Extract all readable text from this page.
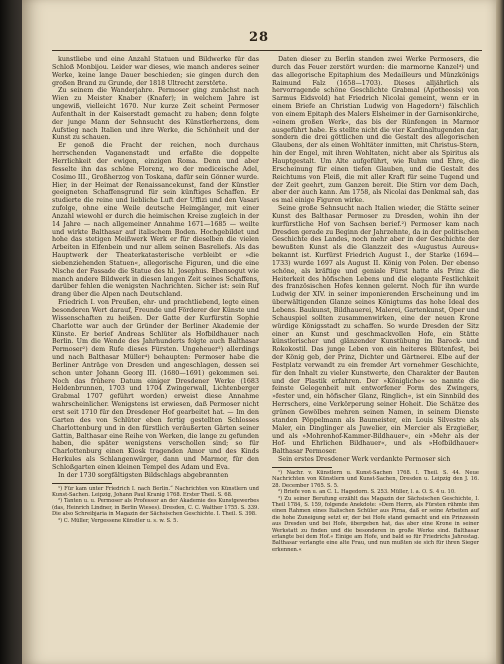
28

kunstliebe und eine Anzahl Statuen und Bildwerke für das Schloß Monbijou. Leider war dieses, wie manch anderes seiner Werke, keine lange Dauer beschieden; sie gingen durch den großen Brand zu Grunde, der 1818 Ultrecht zerstörte.

Zu seinem die Wanderjahre. Permoser ging zunächst nach Wien zu Meister Knaber (Knafer); in welchem Jahre ist ungewiß, vielleicht 1670. Nur kurze Zeit scheint Permoser Aufenthalt in der Kaiserstadt gemacht zu haben; denn folgte der junge Mann der Sehnsucht des Künstlerherzens, dem Aufstieg nach Italien und ihre Werke, die Schönheit und der Kunst zu schauen.

Er genoß die Fracht der reichen, noch durchaus herrschenden Vaganenstadt und erfaßte die doppelte Herrlichkeit der ewigen, einzigen Roma. Denn und aber fesselte ihn das schöne Florenz, wo der mediceische Adel, Cosimo III., Großherzog von Toskana, dafür sein Gönner wurde. Hier, in der Heimat der Renaissancekunst, fand der Künstler geeigneten Schaffensgrund für sein künftiges Schaffen. Er studierte die reine und liebliche Luft der Uffizi und den Vasari zufolge, ohne eine Weile deutsche Heimgänger, mit einer Anzahl wiewohl er durch die heimischen Kreise zugleich in der 14 Jahre — nach allgemeiner Annahme 1671—1685 — weilte und wirkte Balthasar auf italischem Boden. Hochgebildet und hohe das stetigen Meißwerk Werk er für dieselben die vielen Arbeiten in Elfenbein und nur allem seinen Basreliefs. Als das Hauptwerk der Theaterkatasterische verbleibt er »die siebenziehenden Statuen«, allegorische Figuren, und die eine Nische der Fassade die Statue des hl. Josephus. Ebensogut wie manch andere Bildwerk in diesen langen Zeit seines Schaffens, darüber fehlen die wenigsten Nachrichten. Sicher ist: sein Ruf drang über die Alpen nach Deutschland.

Friedrich I. von Preußen, ehr- und prachtliebend, legte einen besonderen Wert darauf, Freunde und Förderer der Künste und Wissenschaften zu heißen. Der Gatte der Kurfürstin Sophie Charlotte war auch der Gründer der Berliner Akademie der Künste. Er berief Andreas Schlüter als Hofbildhauer nach Berlin. Um die Wende des Jahrhunderts folgte auch Balthasar Permoser²) dem Rufe dieses Fürsten. Ungeheuer³) allerdings und nach Balthasar Müller⁴) behaupten: Permoser habe die Berliner Anträge von Dresden und angeschlagen, dessen sei schon unter Johann Georg III. (1680—1691) gekommen sei. Noch das frühere Datum einiger Dresdener Werke (1683 Heldenbrunnen, 1703 und 1704 Zwingerwall, Lichtenberger Grabmal 1707 geführt worden) erweist diese Annahme wahrscheinlicher. Wenigstens ist erwiesen, daß Permoser nicht erst seit 1710 für den Dresdener Hof gearbeitet hat. — Im den Garten des von Schlüter eben fertig gestellten Schlosses Charlottenburg und in den fürstlich veräußerten Gärten seiner Gattin, Balthasar eine Reihe von Werken, die lange zu gefunden haben, die später wenigstens verschollen sind; so für Charlottenburg einen Kiosk tragenden Amor und des Kinds Herkules als Schlangenwürger, dann und Marmor, für den Schloßgarten einen kleinen Tempel des Adam und Eva.

In der 1730 sorgfältigsten Bildschlags abgebrannten

¹) Für kam unter Friedrich I. nach Berlin.“ Nachrichten von Künstlern und Kunst-Sachen. Leipzig, Johann Paul Kranig 1768. Erster Theil. S. 68.

²) Tanten u. u. Permoser als Professor an der Akademie des Kunstgewerbes (das, Heinrich Lindner, in Berlin Wieses). Dresden, C. C. Walther 1755. S. 339. Die also Schreibjaria in Magazin der Sächsischen Geschichte. I. Theil. S. 398.

³) C. Müller, Vergessene Künstler u. s. w. S. 5.

Daten dieser zu Berlin standen zwei Werke Permosers, die durch das Feuer zerstört wurden: die marmorne Kanzel⁴) und das allegorische Epitaphium des Medailleurs und Münzkönigs Raimund Falz (1658—1703). Dieses alljährlich als hervorragende schöne Geschlichte Grabmal (Apotheosis) von Sarmus Eidsvold) hat Friedrich Nicolai gemeint, wenn er in einem Briefe an Christian Ludwig von Hagedorn¹) fälschlich von einem Epitaph des Malers Elsheimer in der Garnisonkirche, »einem großen Werk«, das bis der Rünfengen in Marmor ausgeführt habe. Es stellte nicht die vier Kardinaltugenden dar, sondern die drei göttlichen und die Gestalt des allegorischen Glaubens, der als einen Wohltäter inmitten, mit Christus-Stern, hin der Engel, mit ihren Wohltaten, nicht aber als Spiritus als Hauptgestalt. Um Alte aufgeführt, wie Ruhm und Ehre, die Erscheinung für einen tiefen Glauben, und die Gestalt des Reichtums von Fleiß, die mit aller Kraft für seine Tugend und der Zeit geehrt, zum Ganzen bereit. Die Stirn vor dem Dach, aber der auch kann. Am 1758, als Nicolai das Denkmal sah, das es mal einige Figuren wirke.

Seine große Sehnsucht nach Italien wieder, die Stätte seiner Kunst des Balthasar Permoser zu Dresden, wohin ihn der kurfürstliche Hof von Sachsen berief.²) Permoser kam nach Dresden gerade zu Beginn der Jahrzehnte, da in der politischen Geschichte des Landes, noch mehr aber in der Geschichte der bewußten Kunst als die Glanzzeit des »Augustus Aureus« bekannt ist. Kurfürst Friedrich August I., der Starke (1694—1733) wurde 1697 als August II. König von Polen. Der ebenso schöne, als kräftige und geniale Fürst hatte als Prinz die Heiterkeit des höfischen Lebens und die elegante Festlichkeit des französischen Hofes kennen gelernt. Noch für ihn wurde Ludwig der XIV. in seiner imponierenden Erscheinung und im überwältigenden Glanze seines Königtums das hohe Ideal des Lebens. Baukunst, Bildhauerei, Malerei, Gartenkunst, Oper und Schauspiel sollten zusammenwirken, eine der neuen Krone würdige Königsstadt zu schaffen. So wurde Dresden der Sitz einer an Kunst und geschmackvollen Hofe, ein Stätte künstlerischer und glänzender Kunstübung im Barock- und Rokokostil. Das junge Leben von ein heiteres Blütenfest, bei der König geb, der Prinz, Dichter und Gärtnerei. Elbe auf der Festplatz verwandt zu ein fremder Art vornehmer Geschichte, für den Inhalt zu vieler Kunstwerte, den Charakter der Bauten und der Plastik erfahren. Der »Königliche« so nannte die feinste Gelegenheit mit entworfener Form des Zwingers, »fester und, ein höfischer Glanz, Ringlich«, ist ein Sinnbild des Herrschers, eine Verkörperung seiner Hoheit. Die Schätze des grünen Gewölbes mehren seinen Namen, in seinem Dienste standen Pöppelmann als Baumeister, ein Louis Silvestre als Maler, ein Dinglinger als Juwelier, ein Mercier als Erzgießer, und als »Mohrenhof-Kammer-Bildhauer«, ein »Mehr als der Hof- und Ehrlichen Bildhauer«, und als »Hofbildhauer« Balthasar Permoser.

Sein erstes Dresdener Werk verdankte Permoser sich

¹) Nachr. v. Künstlern u. Kunst-Sachen 1768. I. Theil. S. 44. Neue Nachrichten von Künstlern und Kunst-Sachen, Dresden u. Leipzig den J. 16. 28. December 1765. S. 5.

²) Briefe von u. an C. L. Hagedorn. S. 253. Müller, l. a. O. S. 4 u. 10.

³) Zu seiner Berufung erzählt das Magazin der Sächsischen Geschichte, I. Theil 1784, S. 159, folgende Anekdote: »Dem Herrn, als Fürsten rühmte ihm einen Rahmen eines Italischen Schüler aus Pirna, daß er seine Arbeiten auf die hohe Zuneigung setzt er, der bei Hofe stand gemacht und ein Prinzessin aus Dresden und bei Hofe, übergeben hat, das aber eine Krone in seiner Werkstatt zu finden und die besonderen in große Werke sind. Balthasar erlangte bei dem Hof.« Einige am Hofe, und bald so für Friedrichs Jahrestag. Balthasar verlangte eine alte Frau, und nun mußten sie sich für ihren Sieger erkennen.«
